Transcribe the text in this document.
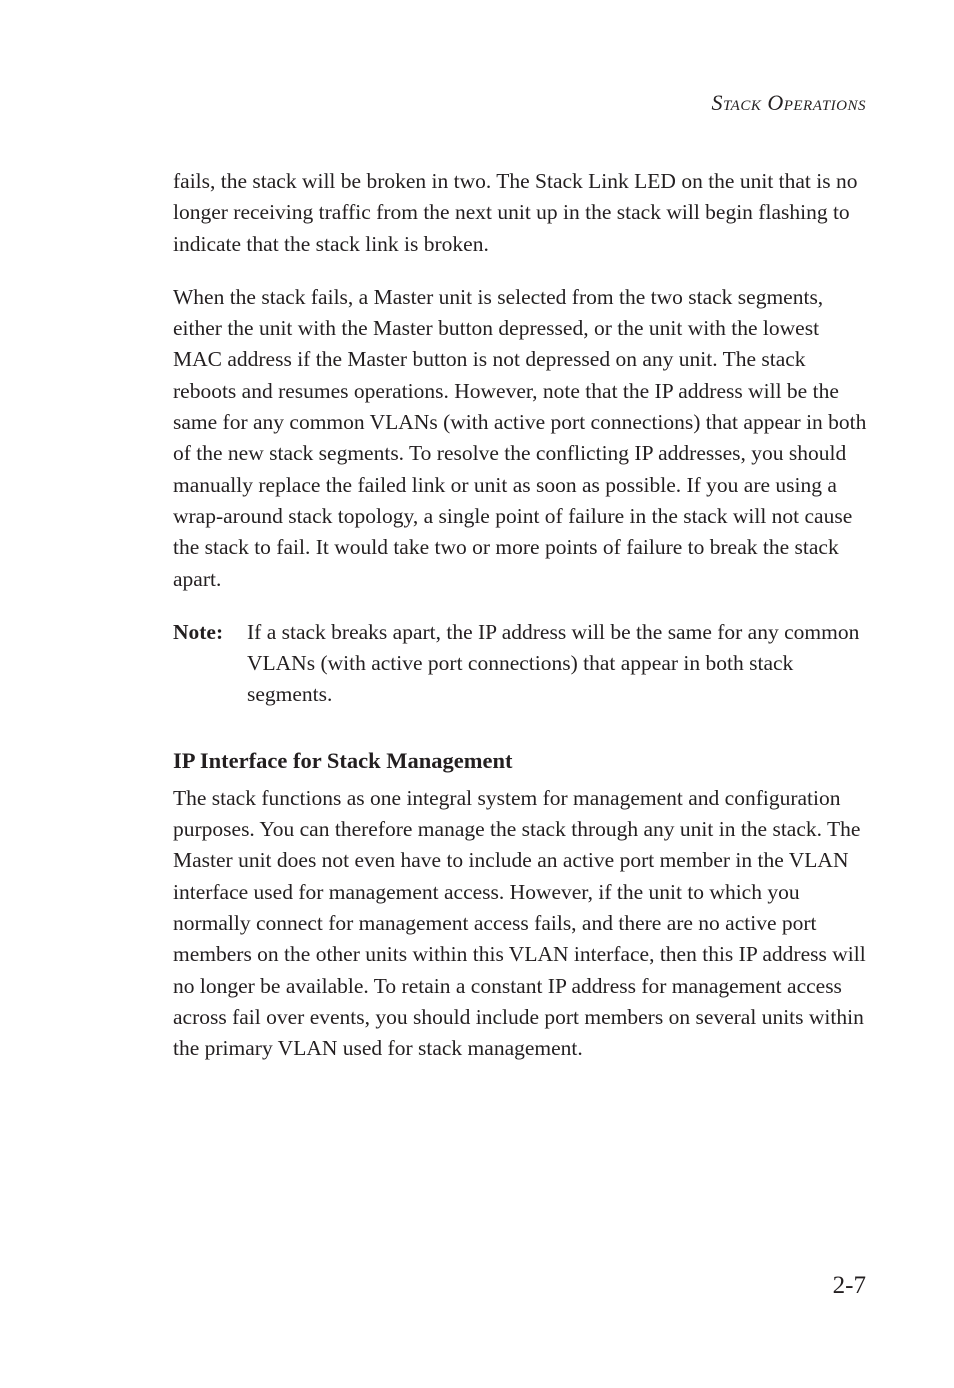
Stack Operations

fails, the stack will be broken in two. The Stack Link LED on the unit that is no longer receiving traffic from the next unit up in the stack will begin flashing to indicate that the stack link is broken.

When the stack fails, a Master unit is selected from the two stack segments, either the unit with the Master button depressed, or the unit with the lowest MAC address if the Master button is not depressed on any unit. The stack reboots and resumes operations. However, note that the IP address will be the same for any common VLANs (with active port connections) that appear in both of the new stack segments. To resolve the conflicting IP addresses, you should manually replace the failed link or unit as soon as possible. If you are using a wrap-around stack topology, a single point of failure in the stack will not cause the stack to fail. It would take two or more points of failure to break the stack apart.

Note:	If a stack breaks apart, the IP address will be the same for any common VLANs (with active port connections) that appear in both stack segments.
IP Interface for Stack Management

The stack functions as one integral system for management and configuration purposes. You can therefore manage the stack through any unit in the stack. The Master unit does not even have to include an active port member in the VLAN interface used for management access. However, if the unit to which you normally connect for management access fails, and there are no active port members on the other units within this VLAN interface, then this IP address will no longer be available. To retain a constant IP address for management access across fail over events, you should include port members on several units within the primary VLAN used for stack management.

2-7
